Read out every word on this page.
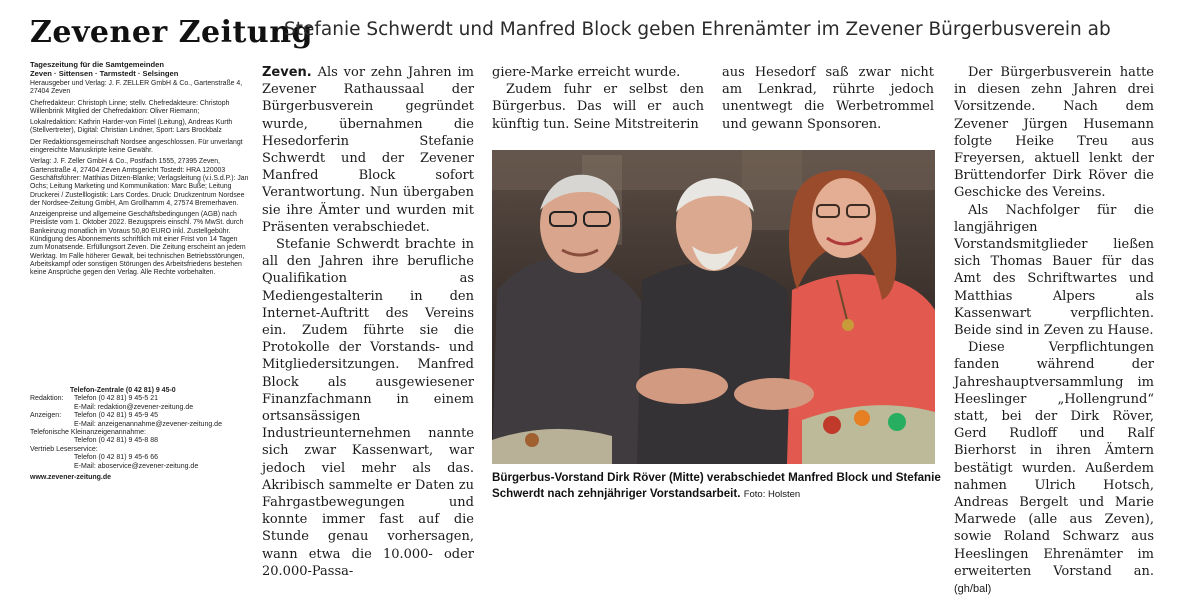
Zevener Zeitung
Tageszeitung für die Samtgemeinden
Zeven · Sittensen · Tarmstedt · Selsingen
Herausgeber und Verlag: J. F. ZELLER GmbH & Co., Gartenstraße 4, 27404 Zeven
Chefredakteur: Christoph Linne; stellv. Chefredakteure: Christoph Willenbrink Mitglied der Chefredaktion: Oliver Riemann;
Lokalredaktion: Kathrin Harder-von Fintel (Leitung), Andreas Kurth (Stellvertreter), Digital: Christian Lindner, Sport: Lars Brockbalz
Der Redaktionsgemeinschaft Nordsee angeschlossen. Für unverlangt eingereichte Manuskripte keine Gewähr.
Verlag: J. F. Zeller GmbH & Co., Postfach 1555, 27395 Zeven, Gartenstraße 4, 27404 Zeven Amtsgericht Tostedt: HRA 120003 Geschäftsführer: Matthias Ditzen-Blanke; Verlagsleitung (v.i.S.d.P.): Jan Ochs; Leitung Marketing und Kommunikation: Marc Buße; Leitung Druckerei / Zustelllogistik: Lars Cordes. Druck: Druckzentrum Nordsee der Nordsee-Zeitung GmbH, Am Grollhamm 4, 27574 Bremerhaven.
Anzeigenpreise und allgemeine Geschäftsbedingungen (AGB) nach Preisliste vom 1. Oktober 2022. Bezugspreis einschl. 7% MwSt. durch Bankeinzug monatlich im Voraus 50,80 EURO inkl. Zustellgebühr. Kündigung des Abonnements schriftlich mit einer Frist von 14 Tagen zum Monatsende. Erfüllungsort Zeven. Die Zeitung erscheint an jedem Werktag. Im Falle höherer Gewalt, bei technischen Betriebsstörungen, Arbeitskampf oder sonstigen Störungen des Arbeitsfriedens bestehen keine Ansprüche gegen den Verlag. Alle Rechte vorbehalten.
Telefon-Zentrale (0 42 81) 9 45-0
Redaktion:	Telefon (0 42 81) 9 45-5 21
E-Mail: redaktion@zevener-zeitung.de
Anzeigen:	Telefon (0 42 81) 9 45-9 45
E-Mail: anzeigenannahme@zevener-zeitung.de
Telefonische Kleinanzeigenannahme:
Telefon (0 42 81) 9 45-8 88
Vertrieb Leserservice:
Telefon (0 42 81) 9 45-6 66
E-Mail: aboservice@zevener-zeitung.de
www.zevener-zeitung.de
Stefanie Schwerdt und Manfred Block geben Ehrenämter im Zevener Bürgerbusverein ab

Zeven. Als vor zehn Jahren im Zevener Rathaussaal der Bürgerbusverein gegründet wurde, übernahmen die Hesedorferin Stefanie Schwerdt und der Zevener Manfred Block sofort Verantwortung. Nun übergaben sie ihre Ämter und wurden mit Präsenten verabschiedet.

Stefanie Schwerdt brachte in all den Jahren ihre berufliche Qualifikation as Mediengestalterin in den Internet-Auftritt des Vereins ein. Zudem führte sie die Protokolle der Vorstands- und Mitgliedersitzungen. Manfred Block als ausgewiesener Finanzfachmann in einem ortsansässigen Industrieunternehmen nannte sich zwar Kassenwart, war jedoch viel mehr als das. Akribisch sammelte er Daten zu Fahrgastbewegungen und konnte immer fast auf die Stunde genau vorhersagen, wann etwa die 10.000- oder 20.000-Passa-

giere-Marke erreicht wurde.

Zudem fuhr er selbst den Bürgerbus. Das will er auch künftig tun. Seine Mitstreiterin

aus Hesedorf saß zwar nicht am Lenkrad, rührte jedoch unentwegt die Werbetrommel und gewann Sponsoren.

Der Bürgerbusverein hatte in diesen zehn Jahren drei Vorsitzende. Nach dem Zevener Jürgen Husemann folgte Heike Treu aus Freyersen, aktuell lenkt der Brüttendorfer Dirk Röver die Geschicke des Vereins.

Als Nachfolger für die langjährigen Vorstandsmitglieder ließen sich Thomas Bauer für das Amt des Schriftwartes und Matthias Alpers als Kassenwart verpflichten. Beide sind in Zeven zu Hause.

Diese Verpflichtungen fanden während der Jahreshauptversammlung im Heeslinger „Hollengrund“ statt, bei der Dirk Röver, Gerd Rudloff und Ralf Bierhorst in ihren Ämtern bestätigt wurden. Außerdem nahmen Ulrich Hotsch, Andreas Bergelt und Marie Marwede (alle aus Zeven), sowie Roland Schwarz aus Heeslingen Ehrenämter im erweiterten Vorstand an. (gh/bal)

Bürgerbus-Vorstand Dirk Röver (Mitte) verabschiedet Manfred Block und Stefanie Schwerdt nach zehnjähriger Vorstandsarbeit. Foto: Holsten
